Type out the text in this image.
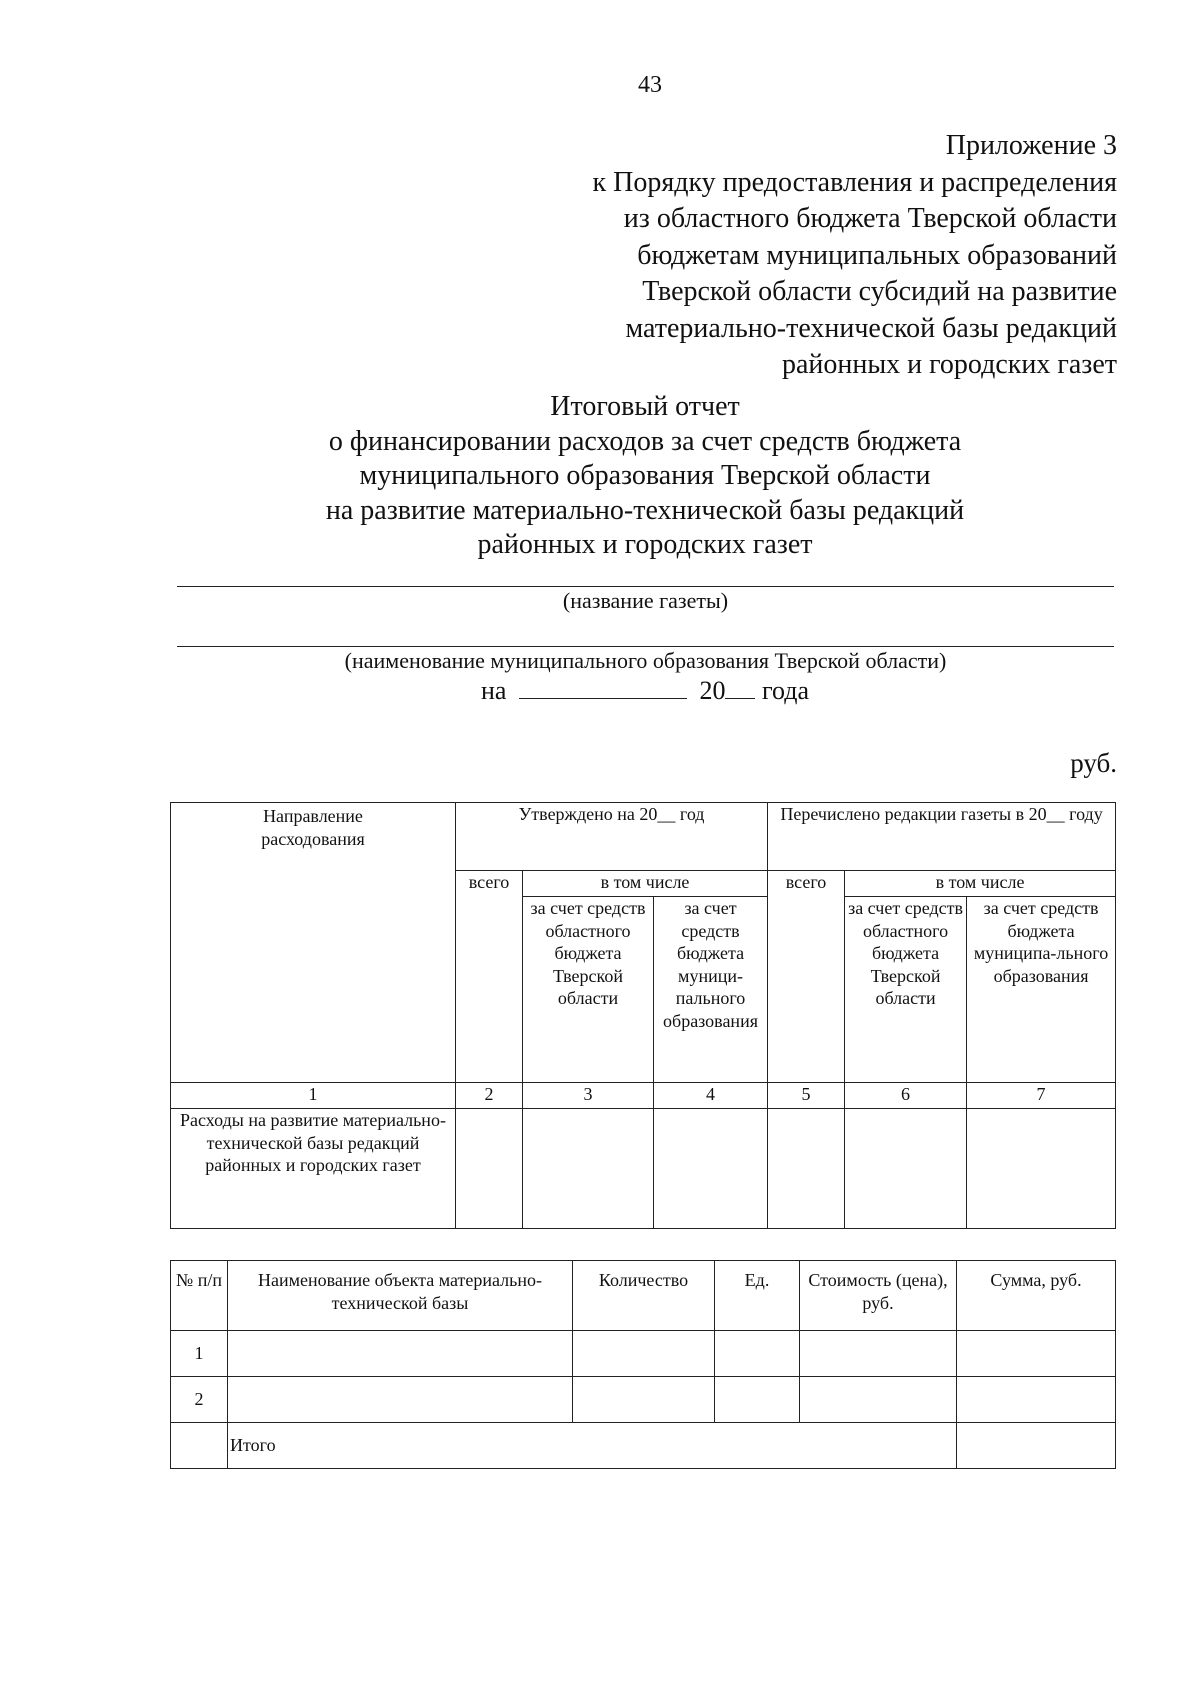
43
Приложение 3
к Порядку предоставления и распределения
из областного бюджета Тверской области
бюджетам муниципальных образований
Тверской области субсидий на развитие
материально-технической базы редакций
районных и городских газет
Итоговый отчет
о финансировании расходов за счет средств бюджета
муниципального образования Тверской области
на развитие материально-технической базы редакций
районных и городских газет
(название газеты)
(наименование муниципального образования Тверской области)
на	20 года
руб.
Направление расходования	Утверждено на 20__ год			Перечислено редакции газеты в 20__ году		
	всего	в том числе		всего	в том числе	
		за счет средств областного бюджета Тверской области	за счет средств бюджета муници-пального образования		за счет средств областного бюджета Тверской области	за счет средств бюджета муниципа-льного образования
1	2	3	4	5	6	7
Расходы на развитие материально-технической базы редакций районных и городских газет						
№ п/п	Наименование объекта материально-технической базы	Количество	Ед.	Стоимость (цена), руб.	Сумма, руб.

1					
2					
	Итого				
